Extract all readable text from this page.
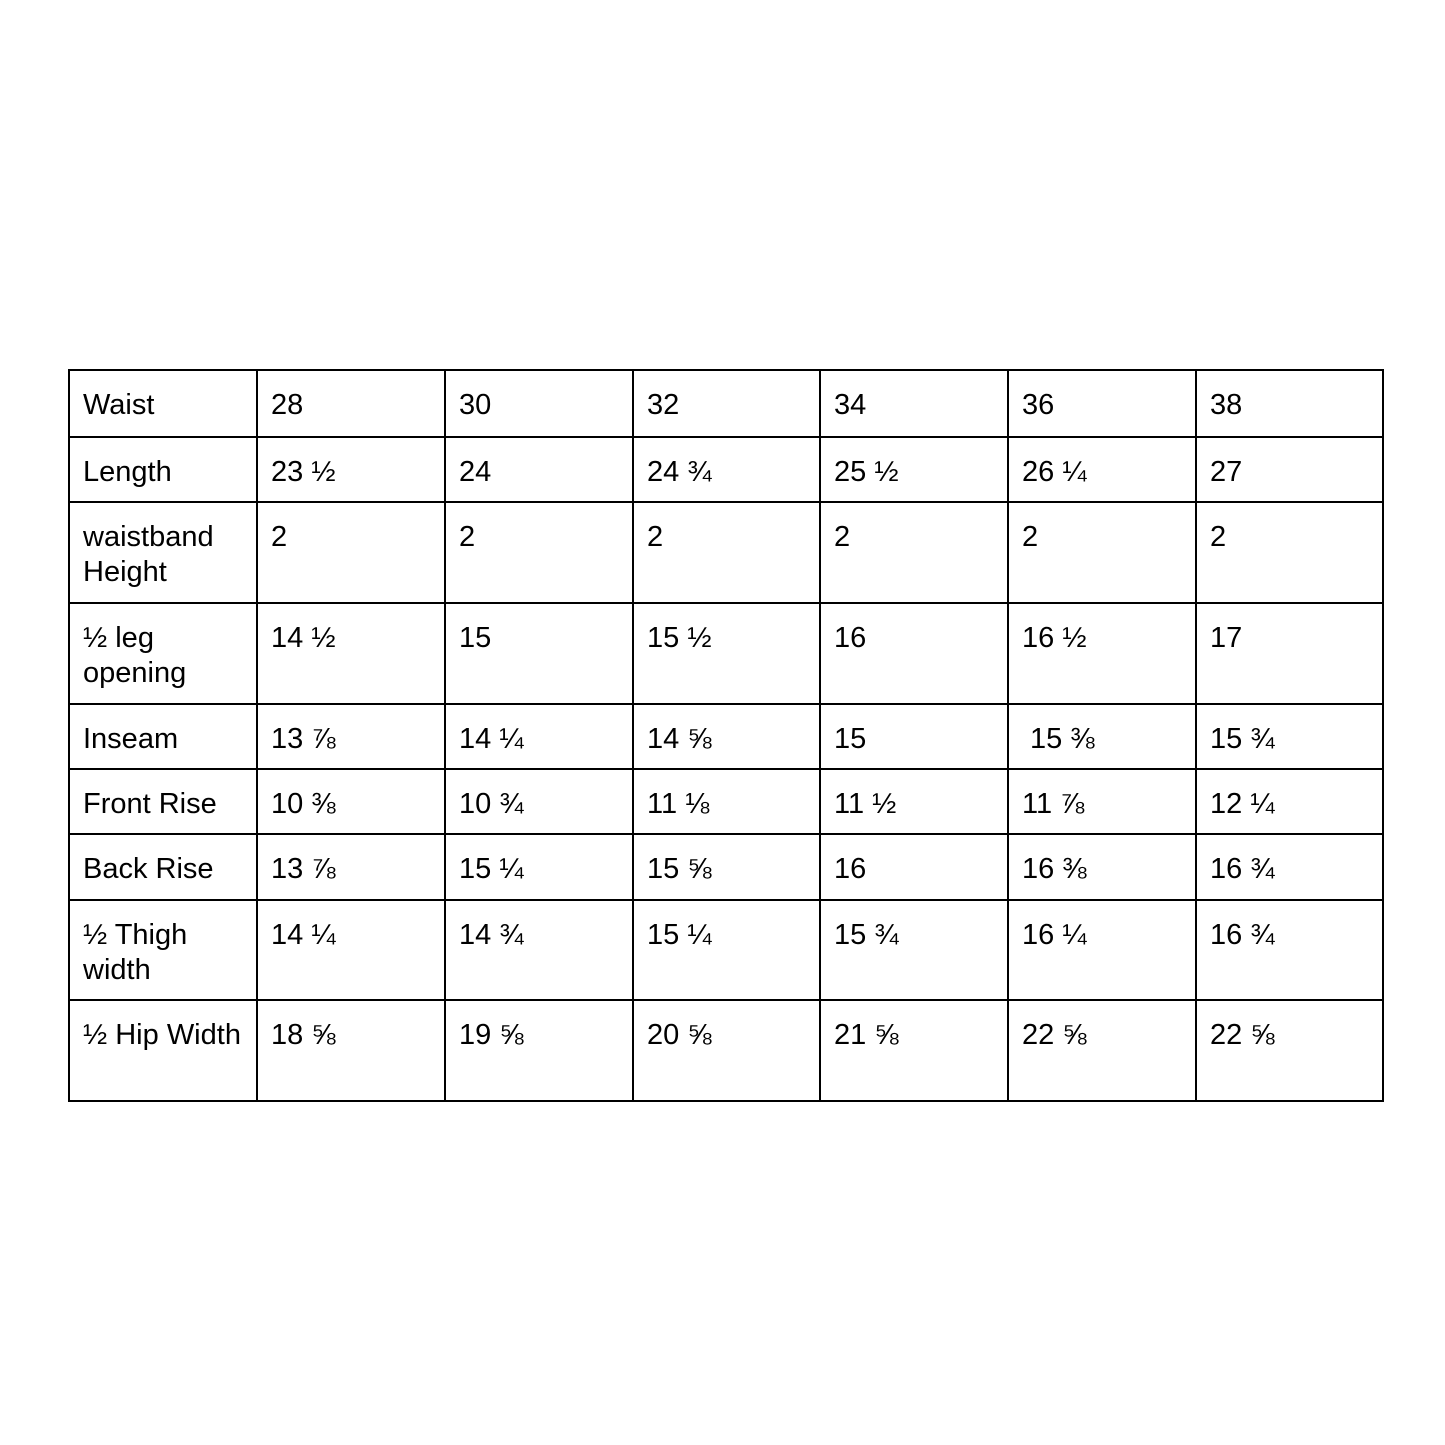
Waist	28	30	32	34	36	38
Length	23 ½	24	24 ¾	25 ½	26 ¼	27
waistband Height	2	2	2	2	2	2
½ leg opening	14 ½	15	15 ½	16	16 ½	17
Inseam	13 ⅞	14 ¼	14 ⅝	15	15 ⅜	15 ¾
Front Rise	10 ⅜	10 ¾	11 ⅛	11 ½	11 ⅞	12 ¼
Back Rise	13 ⅞	15 ¼	15 ⅝	16	16 ⅜	16 ¾
½ Thigh width	14 ¼	14 ¾	15 ¼	15 ¾	16 ¼	16 ¾
½ Hip Width	18 ⅝	19 ⅝	20 ⅝	21 ⅝	22 ⅝	22 ⅝
